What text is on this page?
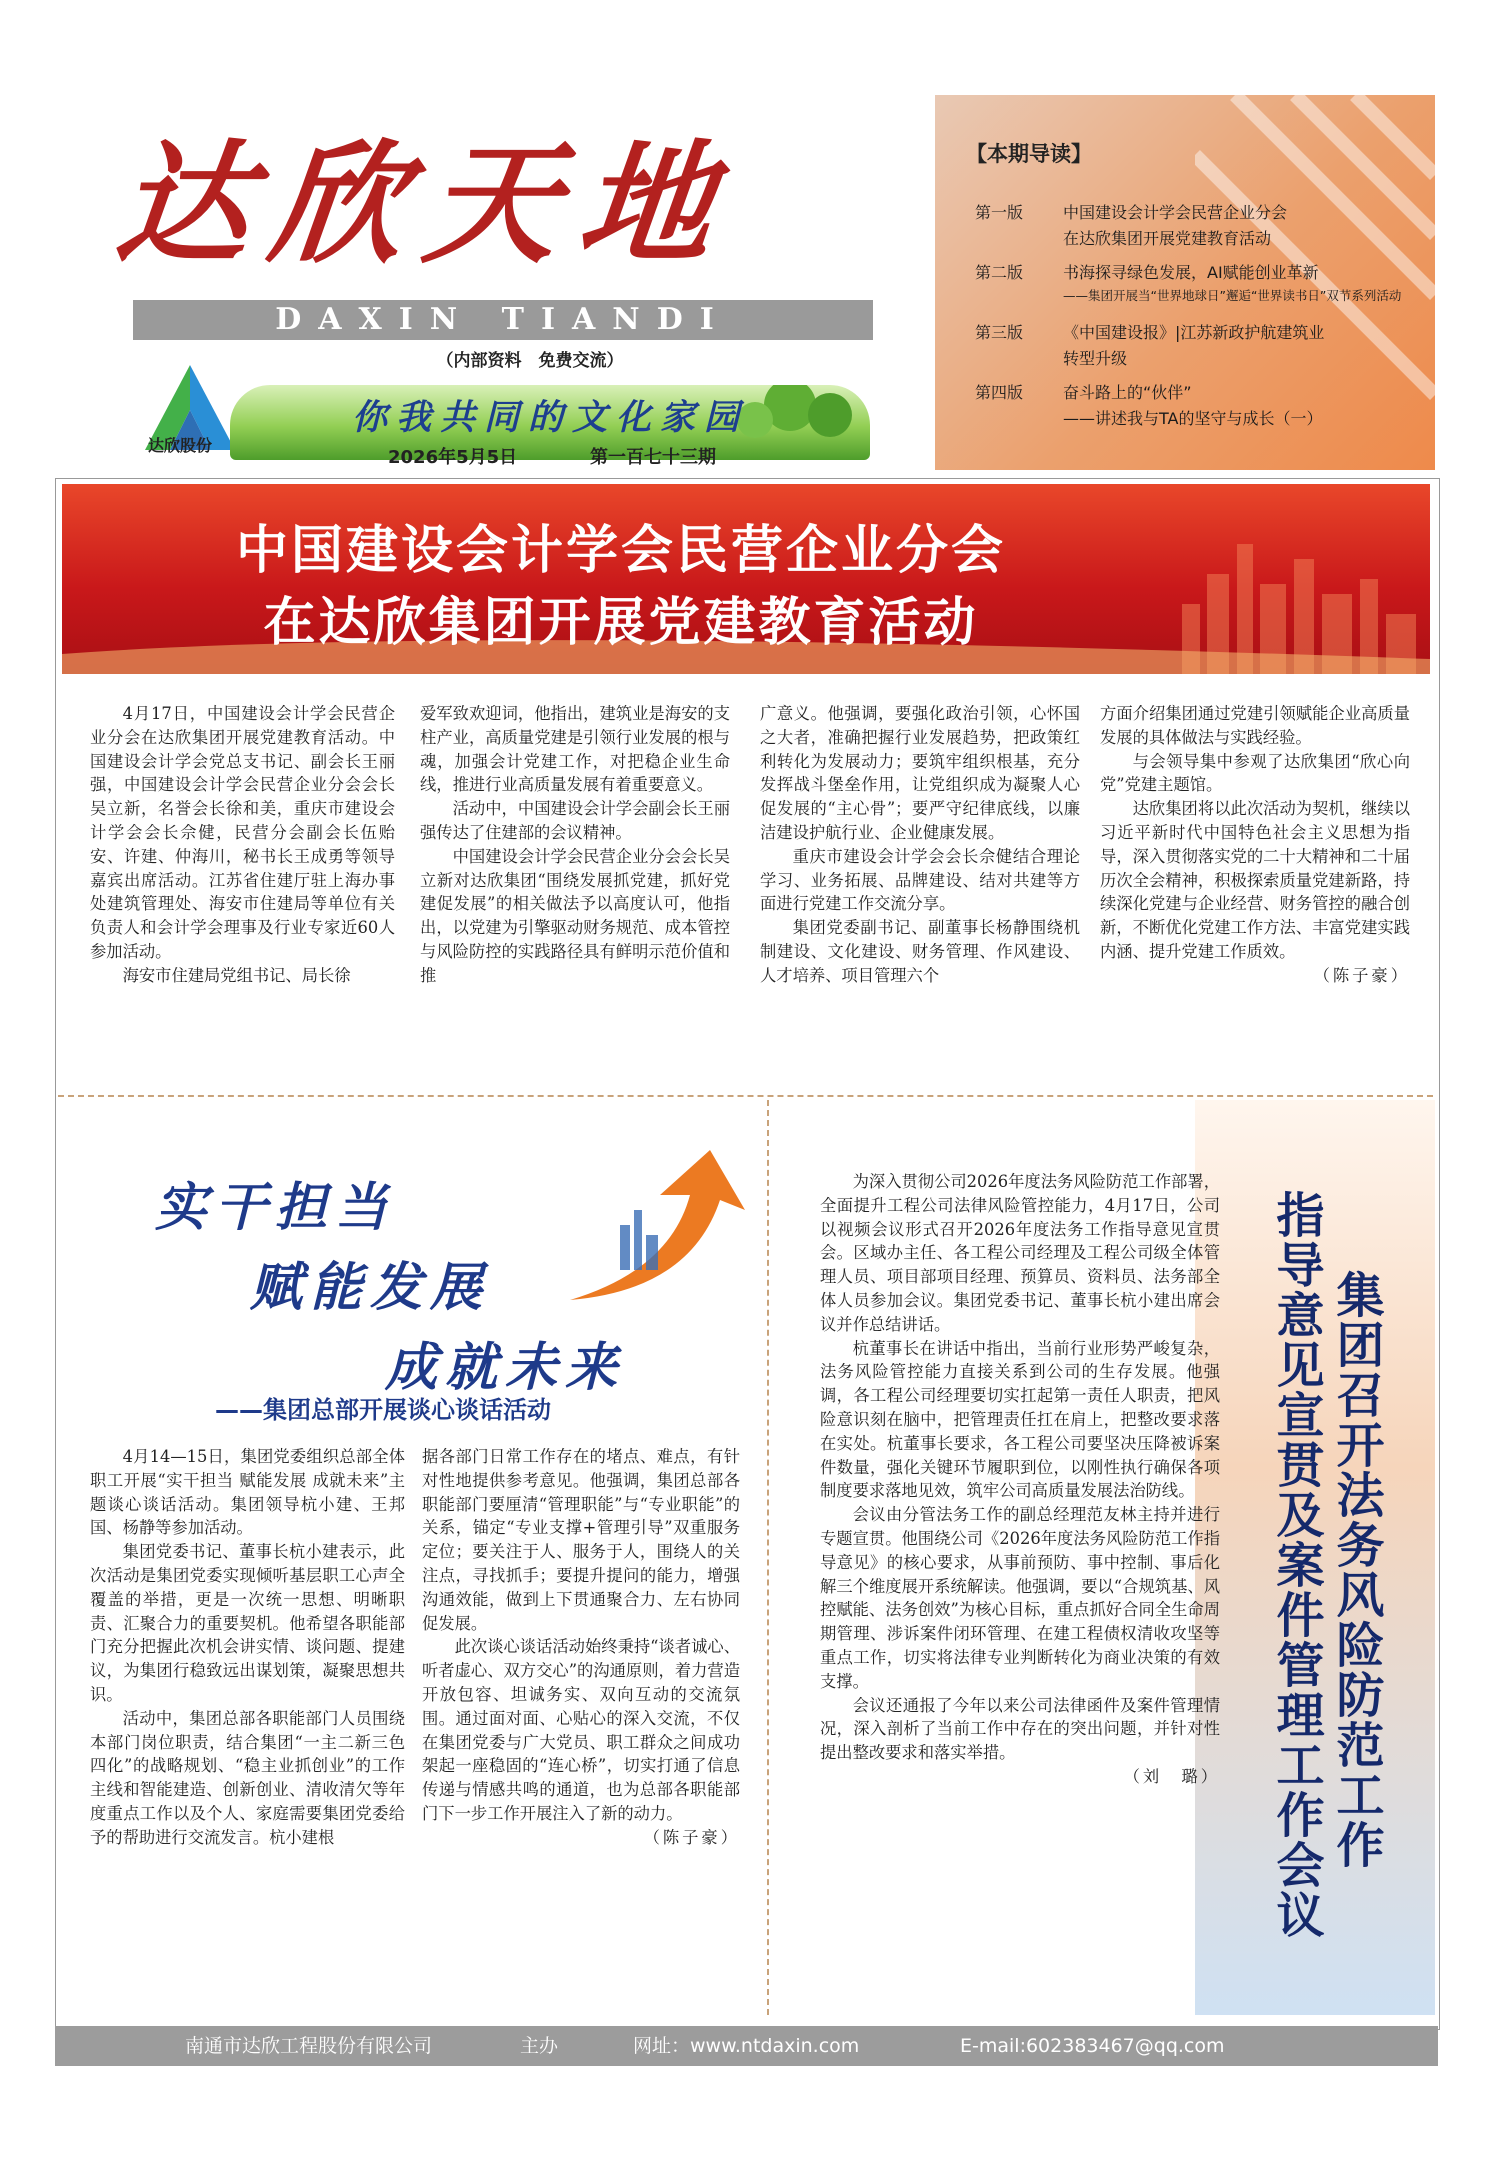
达欣天地
DAXIN TIANDI
（内部资料　免费交流）
达欣股份
你我共同的文化家园
2026年5月5日	第一百七十三期
【本期导读】
第一版	中国建设会计学会民营企业分会
在达欣集团开展党建教育活动
第二版	书海探寻绿色发展，AI赋能创业革新
——集团开展当“世界地球日”邂逅“世界读书日”双节系列活动
第三版	《中国建设报》|江苏新政护航建筑业
转型升级
第四版	奋斗路上的“伙伴”
——讲述我与TA的坚守与成长（一）
中国建设会计学会民营企业分会
在达欣集团开展党建教育活动

4月17日，中国建设会计学会民营企业分会在达欣集团开展党建教育活动。中国建设会计学会党总支书记、副会长王丽强，中国建设会计学会民营企业分会会长吴立新，名誉会长徐和美，重庆市建设会计学会会长佘健，民营分会副会长伍贻安、许建、仲海川，秘书长王成勇等领导嘉宾出席活动。江苏省住建厅驻上海办事处建筑管理处、海安市住建局等单位有关负责人和会计学会理事及行业专家近60人参加活动。

海安市住建局党组书记、局长徐

爱军致欢迎词，他指出，建筑业是海安的支柱产业，高质量党建是引领行业发展的根与魂，加强会计党建工作，对把稳企业生命线，推进行业高质量发展有着重要意义。

活动中，中国建设会计学会副会长王丽强传达了住建部的会议精神。

中国建设会计学会民营企业分会会长吴立新对达欣集团“围绕发展抓党建，抓好党建促发展”的相关做法予以高度认可，他指出，以党建为引擎驱动财务规范、成本管控与风险防控的实践路径具有鲜明示范价值和推

广意义。他强调，要强化政治引领，心怀国之大者，准确把握行业发展趋势，把政策红利转化为发展动力；要筑牢组织根基，充分发挥战斗堡垒作用，让党组织成为凝聚人心促发展的“主心骨”；要严守纪律底线，以廉洁建设护航行业、企业健康发展。

重庆市建设会计学会会长佘健结合理论学习、业务拓展、品牌建设、结对共建等方面进行党建工作交流分享。

集团党委副书记、副董事长杨静围绕机制建设、文化建设、财务管理、作风建设、人才培养、项目管理六个

方面介绍集团通过党建引领赋能企业高质量发展的具体做法与实践经验。

与会领导集中参观了达欣集团“欣心向党”党建主题馆。

达欣集团将以此次活动为契机，继续以习近平新时代中国特色社会主义思想为指导，深入贯彻落实党的二十大精神和二十届历次全会精神，积极探索质量党建新路，持续深化党建与企业经营、财务管控的融合创新，不断优化党建工作方法、丰富党建实践内涵、提升党建工作质效。

（陈子豪）

实干担当
赋能发展
成就未来
——集团总部开展谈心谈话活动

4月14—15日，集团党委组织总部全体职工开展“实干担当 赋能发展 成就未来”主题谈心谈话活动。集团领导杭小建、王邦国、杨静等参加活动。

集团党委书记、董事长杭小建表示，此次活动是集团党委实现倾听基层职工心声全覆盖的举措，更是一次统一思想、明晰职责、汇聚合力的重要契机。他希望各职能部门充分把握此次机会讲实情、谈问题、提建议，为集团行稳致远出谋划策，凝聚思想共识。

活动中，集团总部各职能部门人员围绕本部门岗位职责，结合集团“一主二新三色四化”的战略规划、“稳主业抓创业”的工作主线和智能建造、创新创业、清收清欠等年度重点工作以及个人、家庭需要集团党委给予的帮助进行交流发言。杭小建根

据各部门日常工作存在的堵点、难点，有针对性地提供参考意见。他强调，集团总部各职能部门要厘清“管理职能”与“专业职能”的关系，锚定“专业支撑+管理引导”双重服务定位；要关注于人、服务于人，围绕人的关注点，寻找抓手；要提升提问的能力，增强沟通效能，做到上下贯通聚合力、左右协同促发展。

此次谈心谈话活动始终秉持“谈者诚心、听者虚心、双方交心”的沟通原则，着力营造开放包容、坦诚务实、双向互动的交流氛围。通过面对面、心贴心的深入交流，不仅在集团党委与广大党员、职工群众之间成功架起一座稳固的“连心桥”，切实打通了信息传递与情感共鸣的通道，也为总部各职能部门下一步工作开展注入了新的动力。

（陈子豪）	集团召开法务风险防范工作
指导意见宣贯及案件管理工作会议

为深入贯彻公司2026年度法务风险防范工作部署，全面提升工程公司法律风险管控能力，4月17日，公司以视频会议形式召开2026年度法务工作指导意见宣贯会。区域办主任、各工程公司经理及工程公司级全体管理人员、项目部项目经理、预算员、资料员、法务部全体人员参加会议。集团党委书记、董事长杭小建出席会议并作总结讲话。

杭董事长在讲话中指出，当前行业形势严峻复杂，法务风险管控能力直接关系到公司的生存发展。他强调，各工程公司经理要切实扛起第一责任人职责，把风险意识刻在脑中，把管理责任扛在肩上，把整改要求落在实处。杭董事长要求，各工程公司要坚决压降被诉案件数量，强化关键环节履职到位，以刚性执行确保各项制度要求落地见效，筑牢公司高质量发展法治防线。

会议由分管法务工作的副总经理范友林主持并进行专题宣贯。他围绕公司《2026年度法务风险防范工作指导意见》的核心要求，从事前预防、事中控制、事后化解三个维度展开系统解读。他强调，要以“合规筑基、风控赋能、法务创效”为核心目标，重点抓好合同全生命周期管理、涉诉案件闭环管理、在建工程债权清收攻坚等重点工作，切实将法律专业判断转化为商业决策的有效支撑。

会议还通报了今年以来公司法律函件及案件管理情况，深入剖析了当前工作中存在的突出问题，并针对性提出整改要求和落实举措。

（刘　璐）

南通市达欣工程股份有限公司	主办	网址：www.ntdaxin.com	E-mail:602383467@qq.com
